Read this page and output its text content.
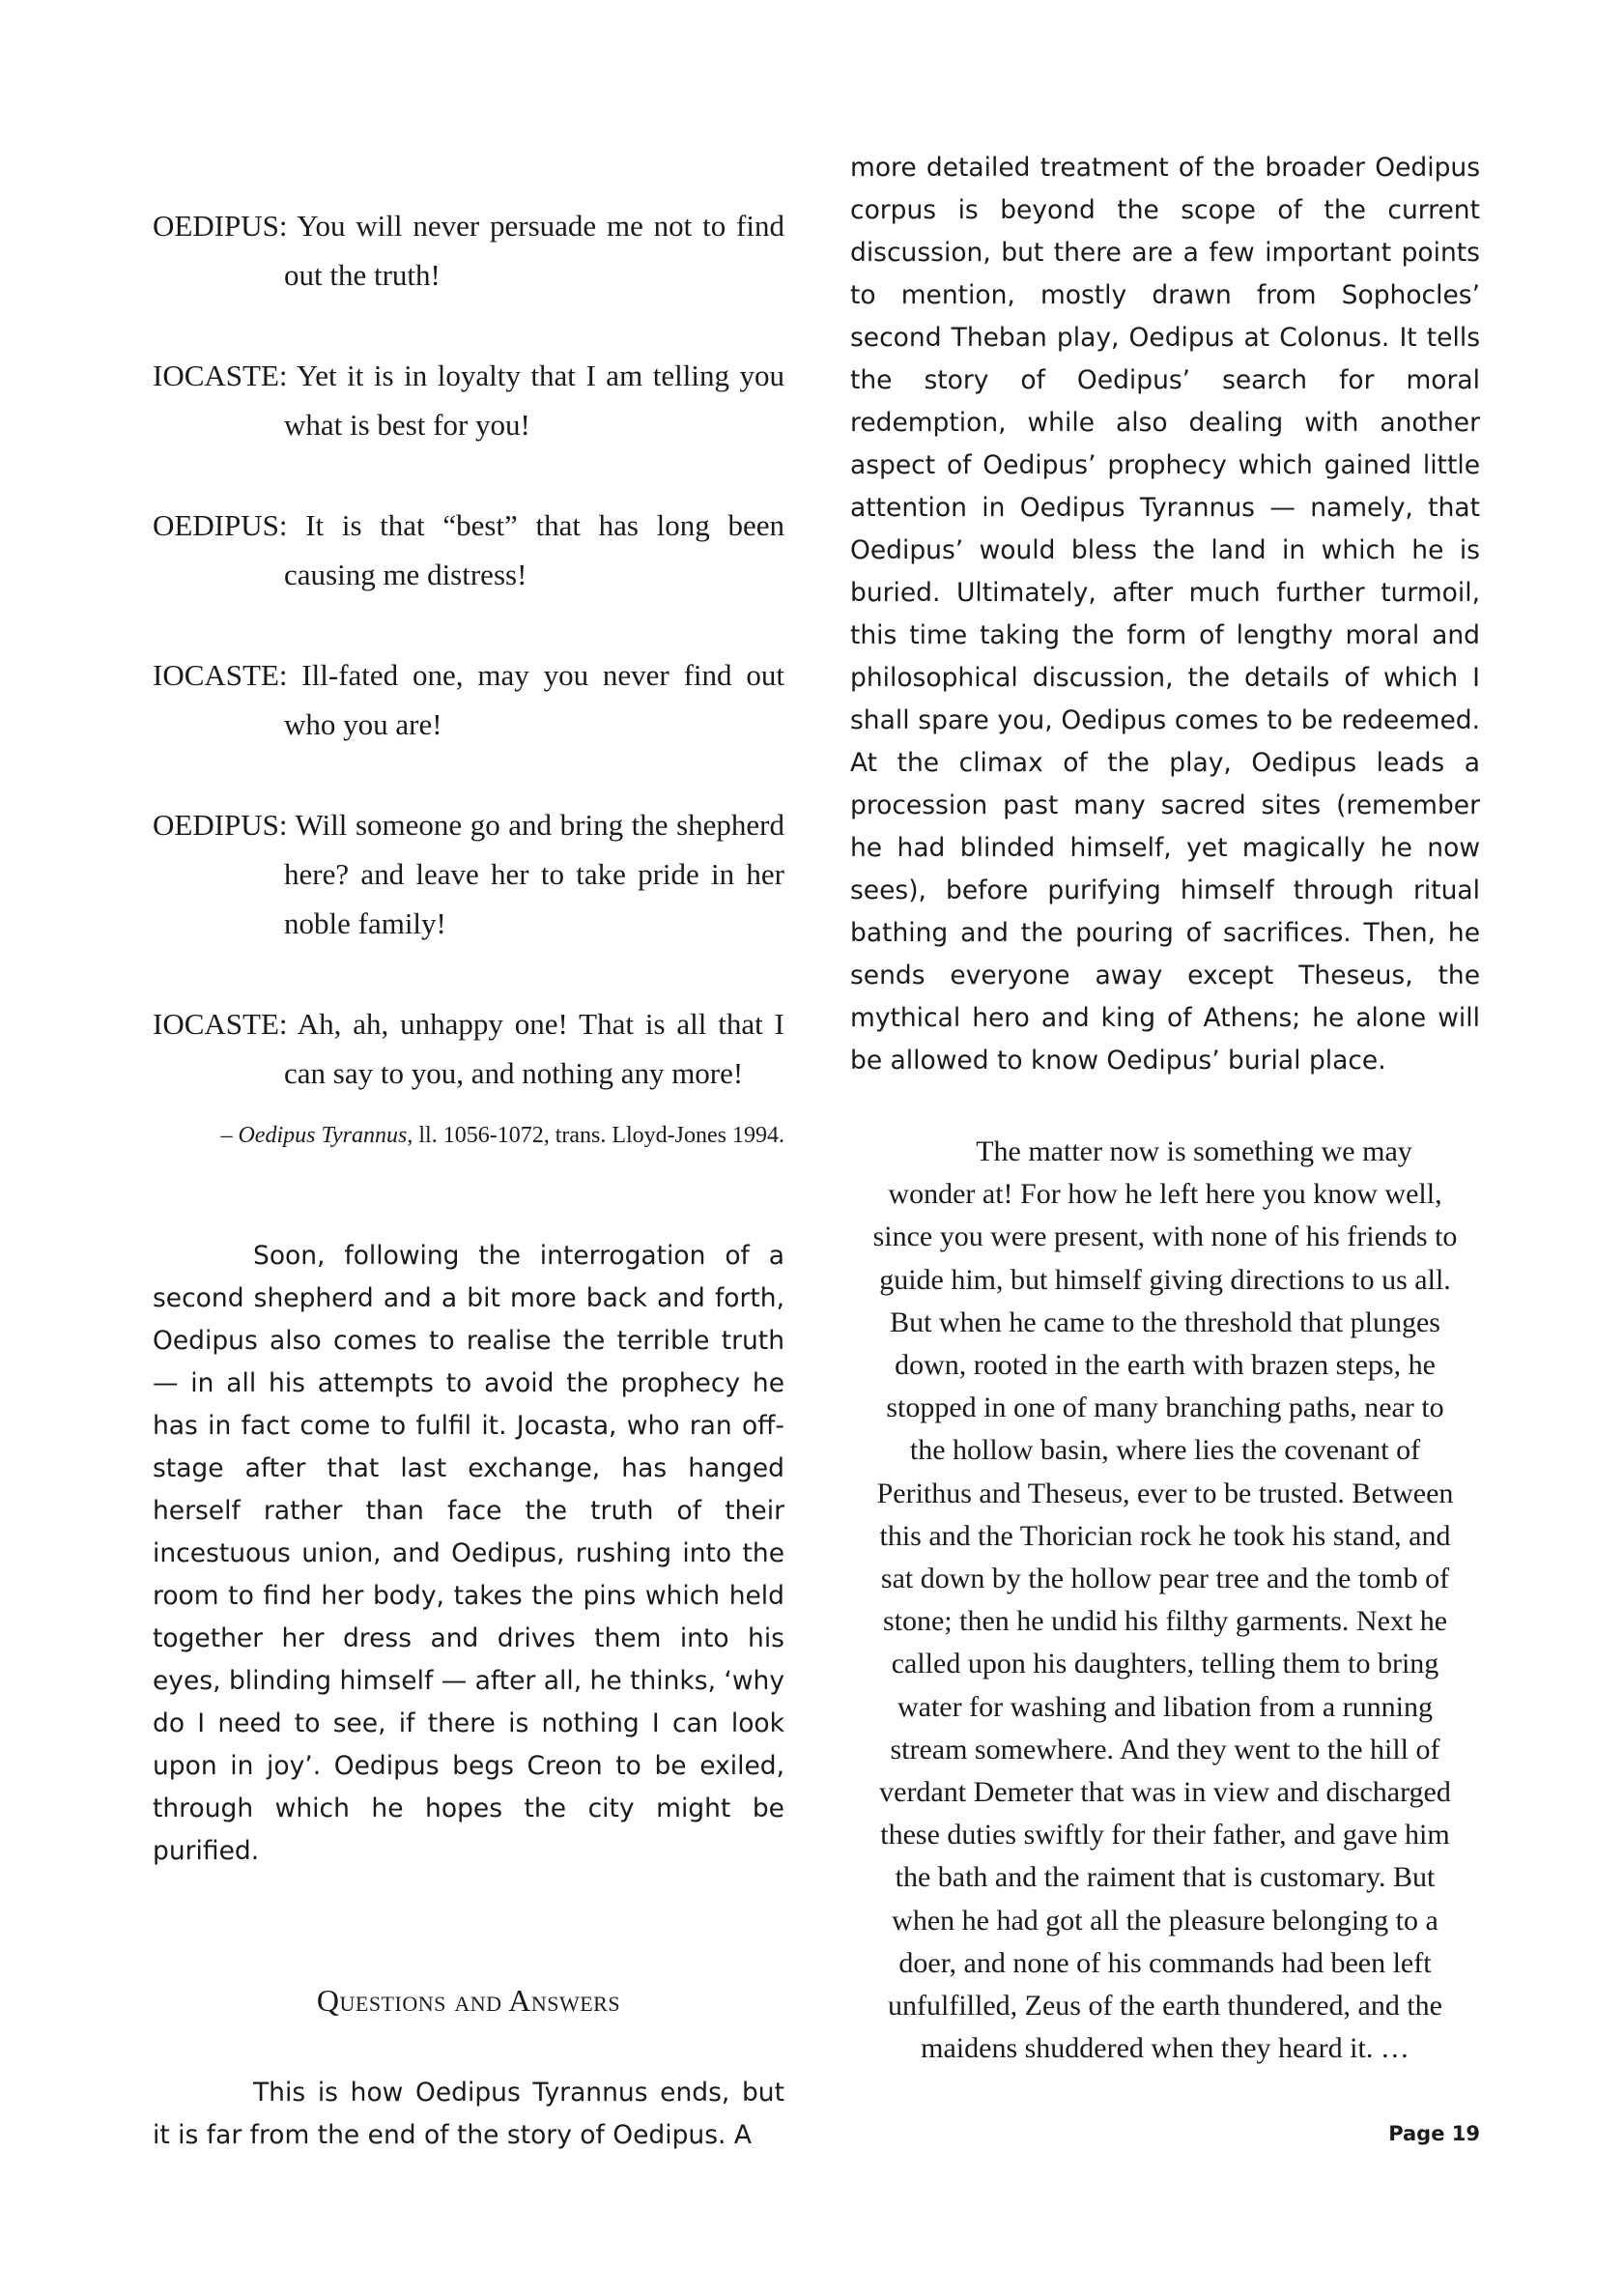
OEDIPUS: You will never persuade me not to find out the truth!

IOCASTE: Yet it is in loyalty that I am telling you what is best for you!

OEDIPUS: It is that “best” that has long been causing me distress!

IOCASTE: Ill-fated one, may you never find out who you are!

OEDIPUS: Will someone go and bring the shepherd here? and leave her to take pride in her noble family!

IOCASTE: Ah, ah, unhappy one! That is all that I can say to you, and nothing any more!

– Oedipus Tyrannus, ll. 1056-1072, trans. Lloyd-Jones 1994.

Soon, following the interrogation of a second shepherd and a bit more back and forth, Oedipus also comes to realise the terrible truth — in all his attempts to avoid the prophecy he has in fact come to fulfil it. Jocasta, who ran off-stage after that last exchange, has hanged herself rather than face the truth of their incestuous union, and Oedipus, rushing into the room to find her body, takes the pins which held together her dress and drives them into his eyes, blinding himself — after all, he thinks, ‘why do I need to see, if there is nothing I can look upon in joy’. Oedipus begs Creon to be exiled, through which he hopes the city might be purified.

Questions and Answers

This is how Oedipus Tyrannus ends, but it is far from the end of the story of Oedipus. A

more detailed treatment of the broader Oedipus corpus is beyond the scope of the current discussion, but there are a few important points to mention, mostly drawn from Sophocles’ second Theban play, Oedipus at Colonus. It tells the story of Oedipus’ search for moral redemption, while also dealing with another aspect of Oedipus’ prophecy which gained little attention in Oedipus Tyrannus — namely, that Oedipus’ would bless the land in which he is buried. Ultimately, after much further turmoil, this time taking the form of lengthy moral and philosophical discussion, the details of which I shall spare you, Oedipus comes to be redeemed. At the climax of the play, Oedipus leads a procession past many sacred sites (remember he had blinded himself, yet magically he now sees), before purifying himself through ritual bathing and the pouring of sacrifices. Then, he sends everyone away except Theseus, the mythical hero and king of Athens; he alone will be allowed to know Oedipus’ burial place.

The matter now is something we may
wonder at! For how he left here you know well,
since you were present, with none of his friends to
guide him, but himself giving directions to us all.
But when he came to the threshold that plunges
down, rooted in the earth with brazen steps, he
stopped in one of many branching paths, near to
the hollow basin, where lies the covenant of
Perithus and Theseus, ever to be trusted. Between
this and the Thorician rock he took his stand, and
sat down by the hollow pear tree and the tomb of
stone; then he undid his filthy garments. Next he
called upon his daughters, telling them to bring
water for washing and libation from a running
stream somewhere. And they went to the hill of
verdant Demeter that was in view and discharged
these duties swiftly for their father, and gave him
the bath and the raiment that is customary. But
when he had got all the pleasure belonging to a
doer, and none of his commands had been left
unfulfilled, Zeus of the earth thundered, and the
maidens shuddered when they heard it. …
Page 19
